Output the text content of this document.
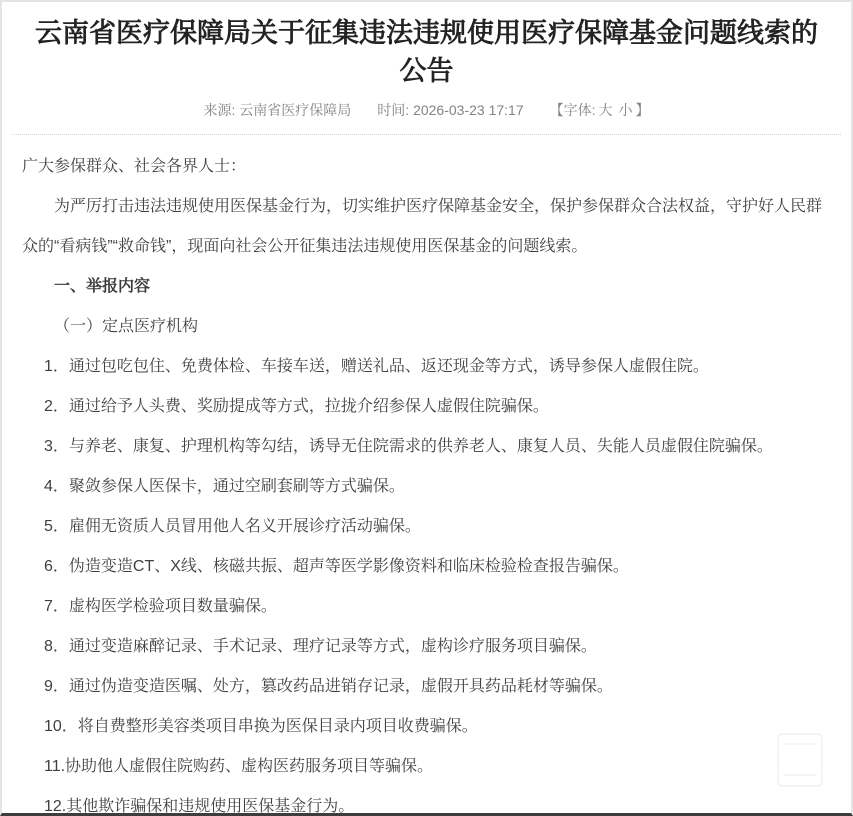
云南省医疗保障局关于征集违法违规使用医疗保障基金问题线索的公告
来源:
云南省医疗保障局 时间:
2026-03-23 17:17 【字体: 大 小 】

广大参保群众、社会各界人士：

为严厉打击违法违规使用医保基金行为，切实维护医疗保障基金安全，保护参保群众合法权益，守护好人民群众的“看病钱”“救命钱”，现面向社会公开征集违法违规使用医保基金的问题线索。

一、举报内容

（一）定点医疗机构

1．通过包吃包住、免费体检、车接车送，赠送礼品、返还现金等方式，诱导参保人虚假住院。

2．通过给予人头费、奖励提成等方式，拉拢介绍参保人虚假住院骗保。

3．与养老、康复、护理机构等勾结，诱导无住院需求的供养老人、康复人员、失能人员虚假住院骗保。

4．聚敛参保人医保卡，通过空刷套刷等方式骗保。

5．雇佣无资质人员冒用他人名义开展诊疗活动骗保。

6．伪造变造CT、X线、核磁共振、超声等医学影像资料和临床检验检查报告骗保。

7．虚构医学检验项目数量骗保。

8．通过变造麻醉记录、手术记录、理疗记录等方式，虚构诊疗服务项目骗保。

9．通过伪造变造医嘱、处方，篡改药品进销存记录，虚假开具药品耗材等骗保。

10．将自费整形美容类项目串换为医保目录内项目收费骗保。

11.协助他人虚假住院购药、虚构医药服务项目等骗保。

12.其他欺诈骗保和违规使用医保基金行为。
